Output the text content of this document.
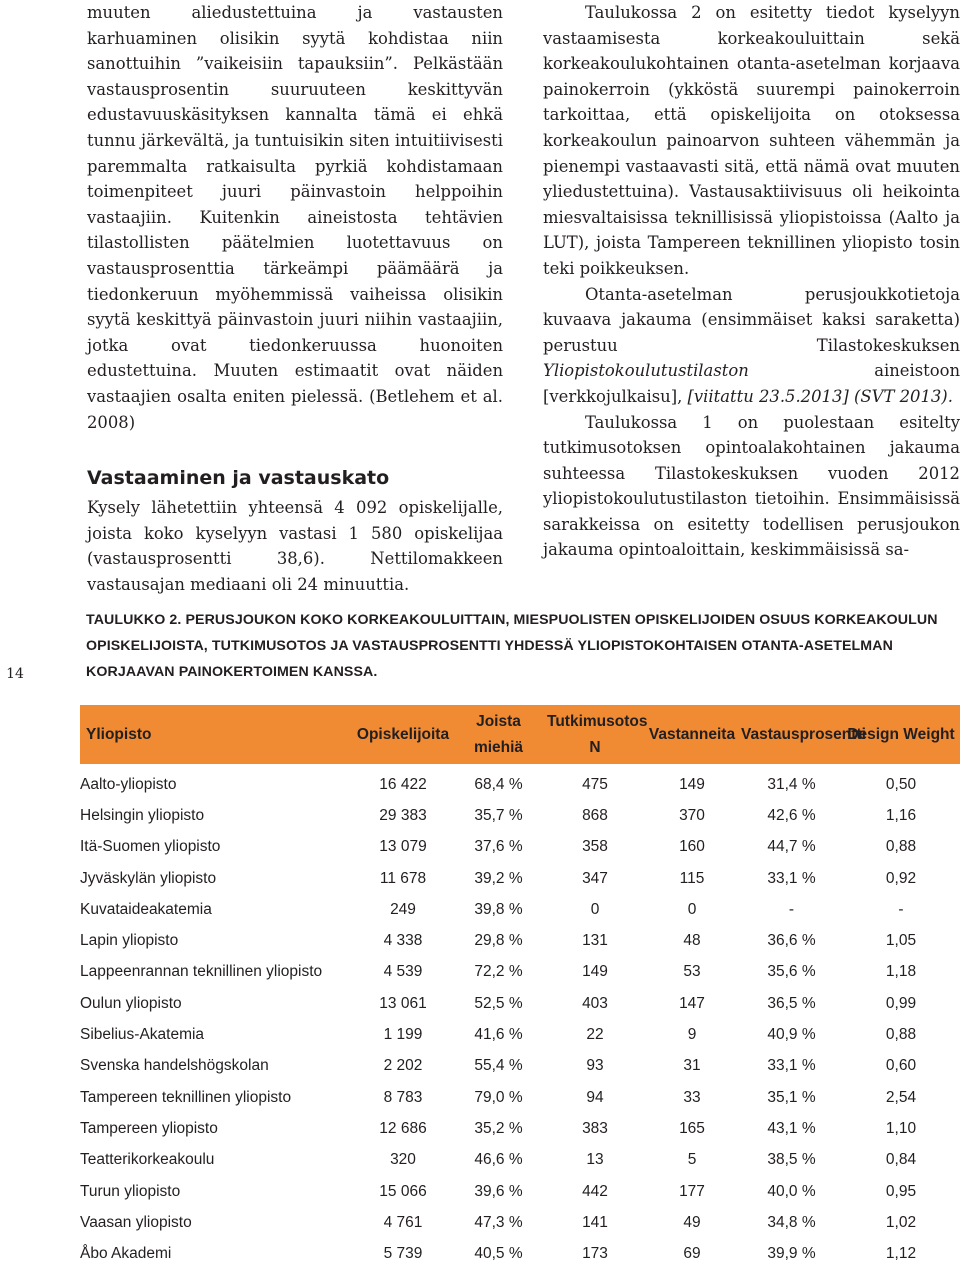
muuten aliedustettuina ja vastausten karhuaminen olisikin syytä kohdistaa niin sanottuihin ”vaikeisiin tapauksiin”. Pelkästään vastausprosentin suuruuteen keskittyvän edustavuuskäsityksen kannalta tämä ei ehkä tunnu järkevältä, ja tuntuisikin siten intuitiivisesti paremmalta ratkaisulta pyrkiä kohdistamaan toimenpiteet juuri päinvastoin helppoihin vastaajiin. Kuitenkin aineistosta tehtävien tilastollisten päätelmien luotettavuus on vastausprosenttia tärkeämpi päämäärä ja tiedonkeruun myöhemmissä vaiheissa olisikin syytä keskittyä päinvastoin juuri niihin vastaajiin, jotka ovat tiedonkeruussa huonoiten edustettuina. Muuten estimaatit ovat näiden vastaajien osalta eniten pielessä. (Betlehem et al. 2008)

Vastaaminen ja vastauskato

Kysely lähetettiin yhteensä 4 092 opiskelijalle, joista koko kyselyyn vastasi 1 580 opiskelijaa (vastausprosentti 38,6). Nettilomakkeen vastausajan mediaani oli 24 minuuttia.

Taulukossa 2 on esitetty tiedot kyselyyn vastaamisesta korkeakouluittain sekä korkeakoulukohtainen otanta-asetelman korjaava painokerroin (ykköstä suurempi painokerroin tarkoittaa, että opiskelijoita on otoksessa korkeakoulun painoarvon suhteen vähemmän ja pienempi vastaavasti sitä, että nämä ovat muuten yliedustettuina). Vastausaktiivisuus oli heikointa miesvaltaisissa teknillisissä yliopistoissa (Aalto ja LUT), joista Tampereen teknillinen yliopisto tosin teki poikkeuksen.

Otanta-asetelman perusjoukkotietoja kuvaava jakauma (ensimmäiset kaksi saraketta) perustuu Tilastokeskuksen Yliopistokoulutustilaston aineistoon [verkkojulkaisu], [viitattu 23.5.2013] (SVT 2013).

Taulukossa 1 on puolestaan esitelty tutkimusotoksen opintoalakohtainen jakauma suhteessa Tilastokeskuksen vuoden 2012 yliopistokoulutustilaston tietoihin. Ensimmäisissä sarakkeissa on esitetty todellisen perusjoukon jakauma opintoaloittain, keskimmäisissä sa-

14
TAULUKKO 2. PERUSJOUKON KOKO KORKEAKOULUITTAIN, MIESPUOLISTEN OPISKELIJOIDEN OSUUS KORKEAKOULUN OPISKELIJOISTA, TUTKIMUSOTOS JA VASTAUSPROSENTTI YHDESSÄ YLIOPISTOKOHTAISEN OTANTA-ASETELMAN KORJAAVAN PAINOKERTOIMEN KANSSA.
Yliopisto	Opiskelijoita	Joista miehiä	Tutkimusotos N	Vastanneita	Vastausprosentti	Design Weight

Aalto-yliopisto	16 422	68,4 %	475	149	31,4 %	0,50
Helsingin yliopisto	29 383	35,7 %	868	370	42,6 %	1,16
Itä-Suomen yliopisto	13 079	37,6 %	358	160	44,7 %	0,88
Jyväskylän yliopisto	11 678	39,2 %	347	115	33,1 %	0,92
Kuvataideakatemia	249	39,8 %	0	0	-	-
Lapin yliopisto	4 338	29,8 %	131	48	36,6 %	1,05
Lappeenrannan teknillinen yliopisto	4 539	72,2 %	149	53	35,6 %	1,18
Oulun yliopisto	13 061	52,5 %	403	147	36,5 %	0,99
Sibelius-Akatemia	1 199	41,6 %	22	9	40,9 %	0,88
Svenska handelshögskolan	2 202	55,4 %	93	31	33,1 %	0,60
Tampereen teknillinen yliopisto	8 783	79,0 %	94	33	35,1 %	2,54
Tampereen yliopisto	12 686	35,2 %	383	165	43,1 %	1,10
Teatterikorkeakoulu	320	46,6 %	13	5	38,5 %	0,84
Turun yliopisto	15 066	39,6 %	442	177	40,0 %	0,95
Vaasan yliopisto	4 761	47,3 %	141	49	34,8 %	1,02
Åbo Akademi	5 739	40,5 %	173	69	39,9 %	1,12
